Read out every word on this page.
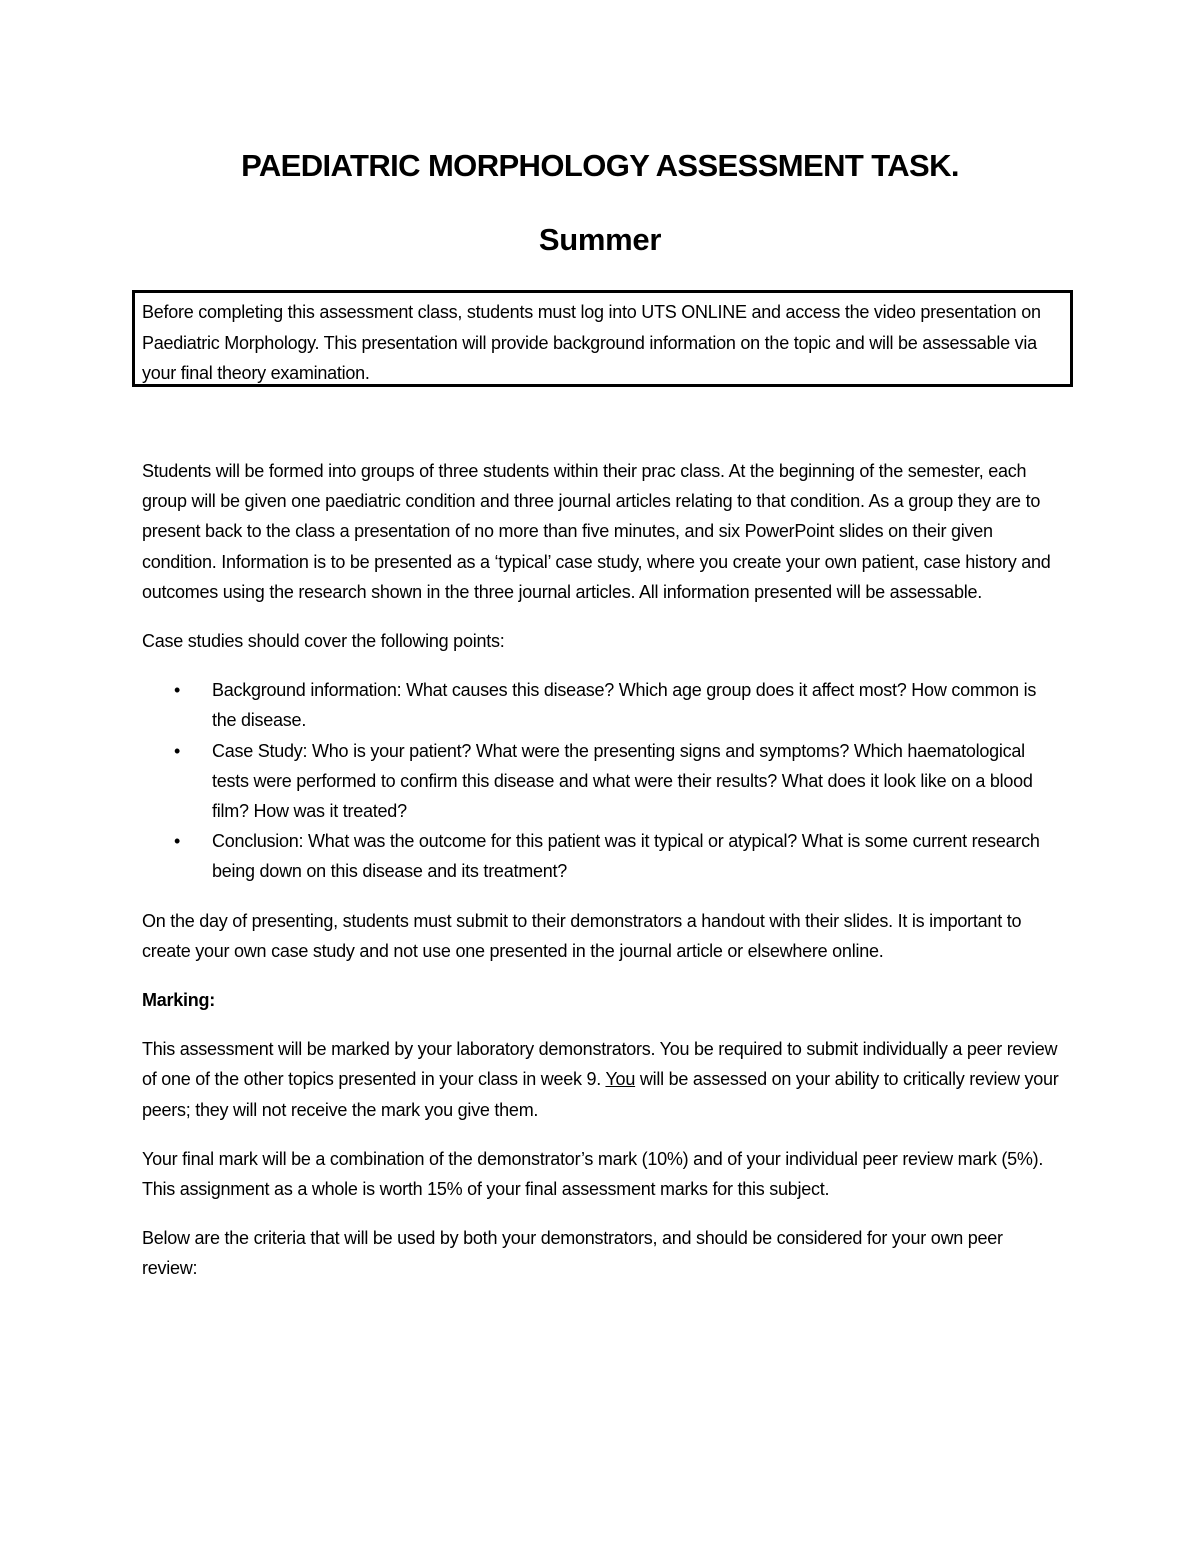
PAEDIATRIC MORPHOLOGY ASSESSMENT TASK.
Summer

Before completing this assessment class, students must log into UTS ONLINE and access the video presentation on Paediatric Morphology. This presentation will provide background information on the topic and will be assessable via your final theory examination.

Students will be formed into groups of three students within their prac class. At the beginning of the semester, each group will be given one paediatric condition and three journal articles relating to that condition. As a group they are to present back to the class a presentation of no more than five minutes, and six PowerPoint slides on their given condition. Information is to be presented as a ‘typical’ case study, where you create your own patient, case history and outcomes using the research shown in the three journal articles. All information presented will be assessable.

Case studies should cover the following points:

• Background information: What causes this disease? Which age group does it affect most? How common is the disease.
• Case Study: Who is your patient? What were the presenting signs and symptoms? Which haematological tests were performed to confirm this disease and what were their results? What does it look like on a blood film? How was it treated?
• Conclusion: What was the outcome for this patient was it typical or atypical? What is some current research being down on this disease and its treatment?

On the day of presenting, students must submit to their demonstrators a handout with their slides. It is important to create your own case study and not use one presented in the journal article or elsewhere online.

Marking:

This assessment will be marked by your laboratory demonstrators. You be required to submit individually a peer review of one of the other topics presented in your class in week 9. You will be assessed on your ability to critically review your peers; they will not receive the mark you give them.

Your final mark will be a combination of the demonstrator’s mark (10%) and of your individual peer review mark (5%). This assignment as a whole is worth 15% of your final assessment marks for this subject.

Below are the criteria that will be used by both your demonstrators, and should be considered for your own peer review:
